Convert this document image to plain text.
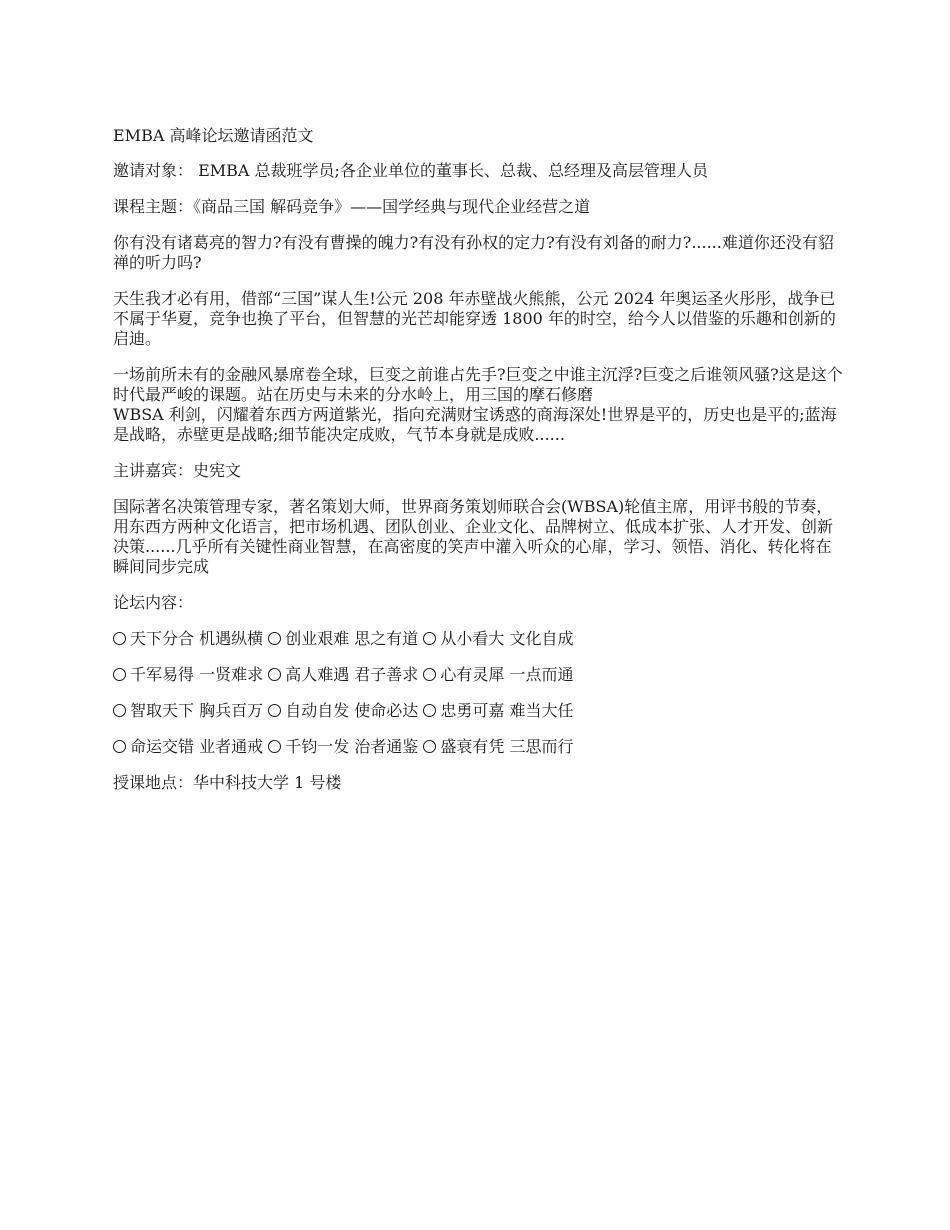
EMBA 高峰论坛邀请函范文

邀请对象： EMBA 总裁班学员;各企业单位的董事长、总裁、总经理及高层管理人员

课程主题：《商品三国 解码竞争》——国学经典与现代企业经营之道

你有没有诸葛亮的智力?有没有曹操的魄力?有没有孙权的定力?有没有刘备的耐力?......难道你还没有貂禅的听力吗?

天生我才必有用，借部“三国”谋人生!公元 208 年赤壁战火熊熊，公元 2024 年奥运圣火彤彤，战争已不属于华夏，竞争也换了平台，但智慧的光芒却能穿透 1800 年的时空，给今人以借鉴的乐趣和创新的启迪。

一场前所未有的金融风暴席卷全球，巨变之前谁占先手?巨变之中谁主沉浮?巨变之后谁领风骚?这是这个时代最严峻的课题。站在历史与未来的分水岭上，用三国的摩石修磨
WBSA 利剑，闪耀着东西方两道紫光，指向充满财宝诱惑的商海深处!世界是平的，历史也是平的;蓝海是战略，赤壁更是战略;细节能决定成败，气节本身就是成败......

主讲嘉宾：史宪文

国际著名决策管理专家，著名策划大师，世界商务策划师联合会(WBSA)轮值主席，用评书般的节奏，用东西方两种文化语言，把市场机遇、团队创业、企业文化、品牌树立、低成本扩张、人才开发、创新决策......几乎所有关键性商业智慧，在高密度的笑声中灌入听众的心扉，学习、领悟、消化、转化将在瞬间同步完成

论坛内容：

天下分合 机遇纵横 创业艰难 思之有道 从小看大 文化自成
千军易得 一贤难求 高人难遇 君子善求 心有灵犀 一点而通
智取天下 胸兵百万 自动自发 使命必达 忠勇可嘉 难当大任
命运交错 业者通戒 千钧一发 治者通鉴 盛衰有凭 三思而行

授课地点：华中科技大学 1 号楼
